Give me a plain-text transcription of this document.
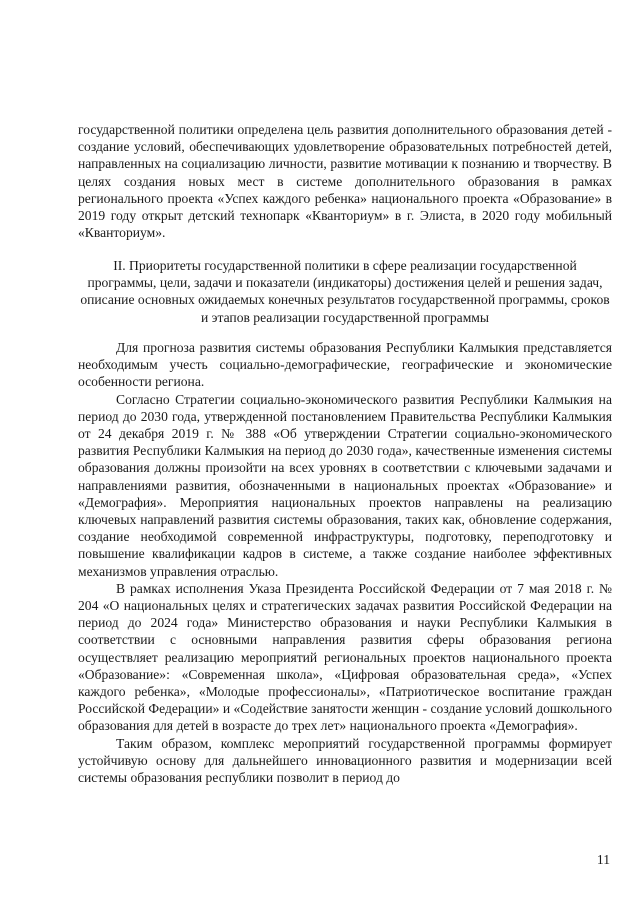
государственной политики определена цель развития дополнительного образования детей - создание условий, обеспечивающих удовлетворение образовательных потребностей детей, направленных на социализацию личности, развитие мотивации к познанию и творчеству. В целях создания новых мест в системе дополнительного образования в рамках регионального проекта «Успех каждого ребенка» национального проекта «Образование» в 2019 году открыт детский технопарк «Кванториум» в г. Элиста, в 2020 году мобильный «Кванториум».

II. Приоритеты государственной политики в сфере реализации государственной программы, цели, задачи и показатели (индикаторы) достижения целей и решения задач, описание основных ожидаемых конечных результатов государственной программы, сроков и этапов реализации государственной программы

Для прогноза развития системы образования Республики Калмыкия представляется необходимым учесть социально-демографические, географические и экономические особенности региона.

Согласно Стратегии социально-экономического развития Республики Калмыкия на период до 2030 года, утвержденной постановлением Правительства Республики Калмыкия от 24 декабря 2019 г. № 388 «Об утверждении Стратегии социально-экономического развития Республики Калмыкия на период до 2030 года», качественные изменения системы образования должны произойти на всех уровнях в соответствии с ключевыми задачами и направлениями развития, обозначенными в национальных проектах «Образование» и «Демография». Мероприятия национальных проектов направлены на реализацию ключевых направлений развития системы образования, таких как, обновление содержания, создание необходимой современной инфраструктуры, подготовку, переподготовку и повышение квалификации кадров в системе, а также создание наиболее эффективных механизмов управления отраслью.

В рамках исполнения Указа Президента Российской Федерации от 7 мая 2018 г. № 204 «О национальных целях и стратегических задачах развития Российской Федерации на период до 2024 года» Министерство образования и науки Республики Калмыкия в соответствии с основными направления развития сферы образования региона осуществляет реализацию мероприятий региональных проектов национального проекта «Образование»: «Современная школа», «Цифровая образовательная среда», «Успех каждого ребенка», «Молодые профессионалы», «Патриотическое воспитание граждан Российской Федерации» и «Содействие занятости женщин - создание условий дошкольного образования для детей в возрасте до трех лет» национального проекта «Демография».

Таким образом, комплекс мероприятий государственной программы формирует устойчивую основу для дальнейшего инновационного развития и модернизации всей системы образования республики позволит в период до

11
